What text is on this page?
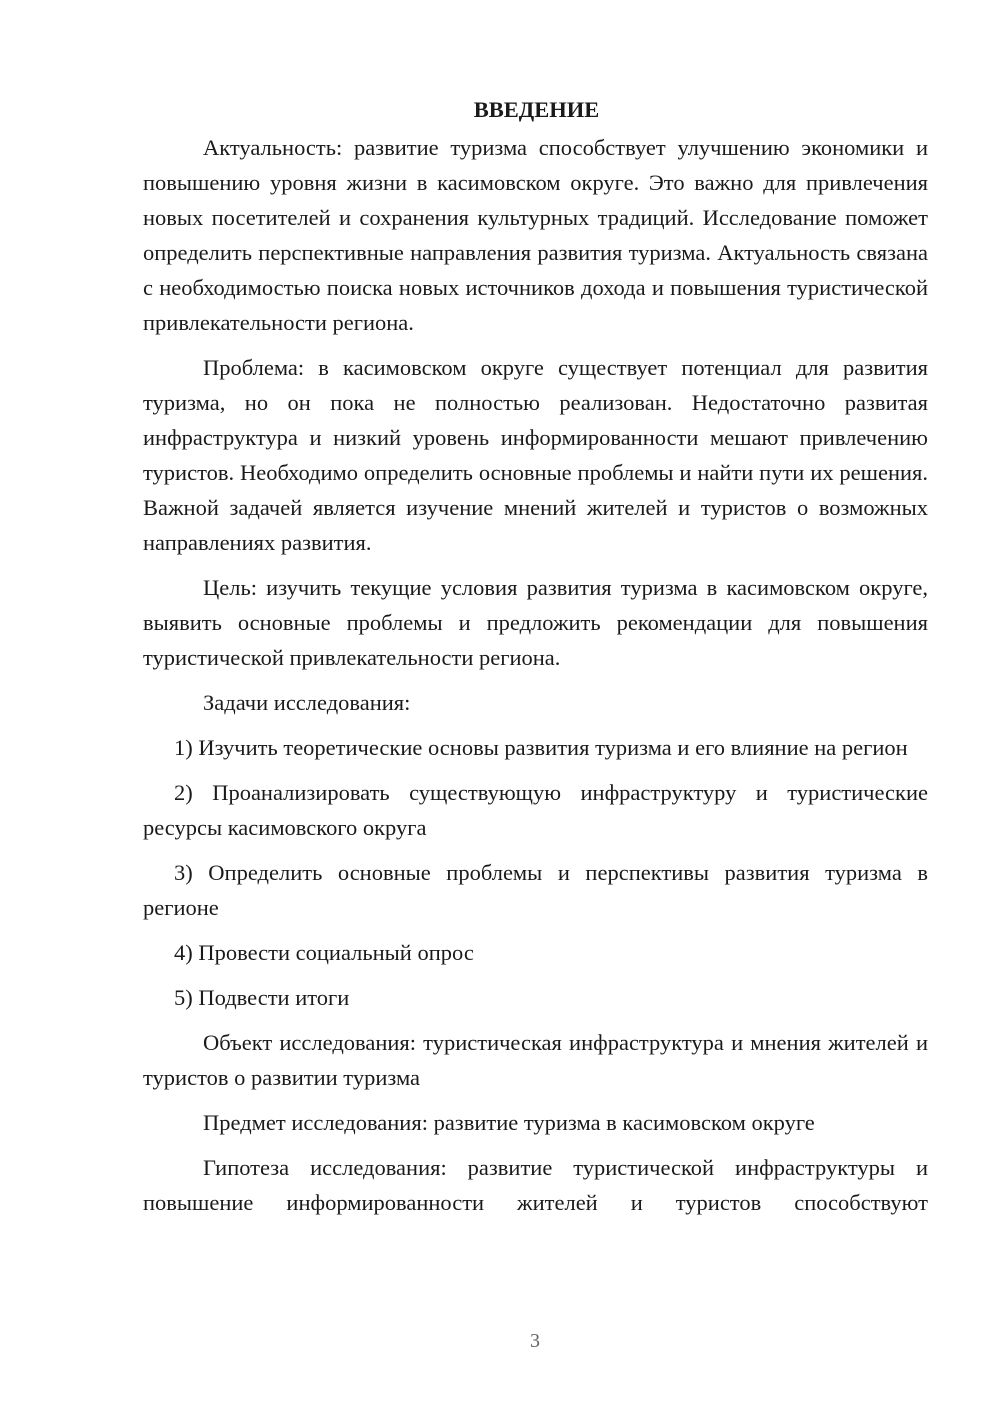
ВВЕДЕНИЕ

Актуальность: развитие туризма способствует улучшению экономики и повышению уровня жизни в касимовском округе. Это важно для привлечения новых посетителей и сохранения культурных традиций. Исследование поможет определить перспективные направления развития туризма. Актуальность связана с необходимостью поиска новых источников дохода и повышения туристической привлекательности региона.

Проблема: в касимовском округе существует потенциал для развития туризма, но он пока не полностью реализован. Недостаточно развитая инфраструктура и низкий уровень информированности мешают привлечению туристов. Необходимо определить основные проблемы и найти пути их решения. Важной задачей является изучение мнений жителей и туристов о возможных направлениях развития.

Цель: изучить текущие условия развития туризма в касимовском округе, выявить основные проблемы и предложить рекомендации для повышения туристической привлекательности региона.

Задачи исследования:

1) Изучить теоретические основы развития туризма и его влияние на регион

2) Проанализировать существующую инфраструктуру и туристические ресурсы касимовского округа

3) Определить основные проблемы и перспективы развития туризма в регионе

4) Провести социальный опрос

5) Подвести итоги

Объект исследования: туристическая инфраструктура и мнения жителей и туристов о развитии туризма

Предмет исследования: развитие туризма в касимовском округе

Гипотеза исследования: развитие туристической инфраструктуры и повышение информированности жителей и туристов способствуют

3
